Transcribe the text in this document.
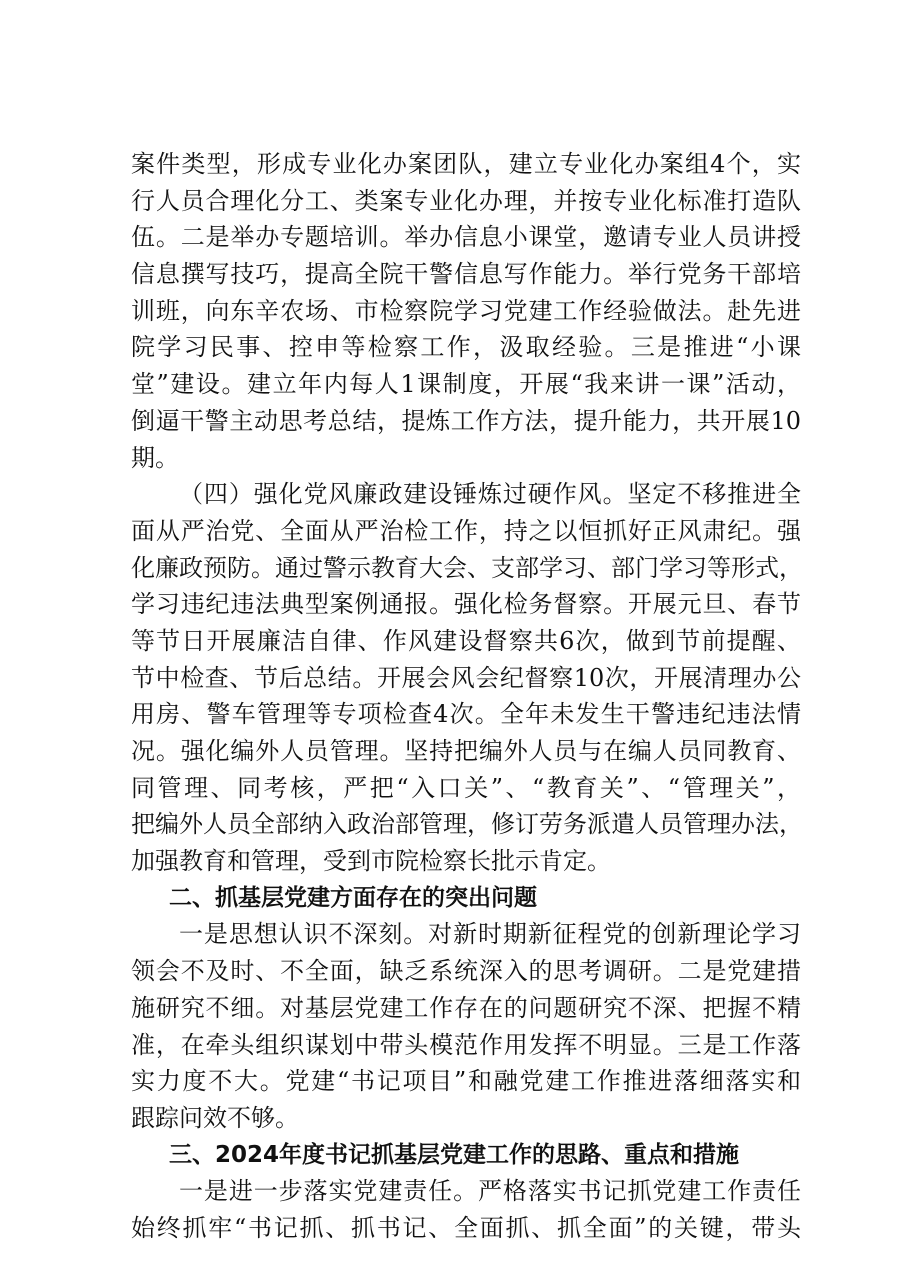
案件类型，形成专业化办案团队，建立专业化办案组4个，实
行人员合理化分工、类案专业化办理，并按专业化标准打造队
伍。二是举办专题培训。举办信息小课堂，邀请专业人员讲授
信息撰写技巧，提高全院干警信息写作能力。举行党务干部培
训班，向东辛农场、市检察院学习党建工作经验做法。赴先进
院学习民事、控申等检察工作，汲取经验。三是推进“小课
堂”建设。建立年内每人1课制度，开展“我来讲一课”活动，
倒逼干警主动思考总结，提炼工作方法，提升能力，共开展10
期。
（四）强化党风廉政建设锤炼过硬作风。坚定不移推进全
面从严治党、全面从严治检工作，持之以恒抓好正风肃纪。强
化廉政预防。通过警示教育大会、支部学习、部门学习等形式，
学习违纪违法典型案例通报。强化检务督察。开展元旦、春节
等节日开展廉洁自律、作风建设督察共6次，做到节前提醒、
节中检查、节后总结。开展会风会纪督察10次，开展清理办公
用房、警车管理等专项检查4次。全年未发生干警违纪违法情
况。强化编外人员管理。坚持把编外人员与在编人员同教育、
同管理、同考核，严把“入口关”、“教育关”、“管理关”，
把编外人员全部纳入政治部管理，修订劳务派遣人员管理办法，
加强教育和管理，受到市院检察长批示肯定。
二、抓基层党建方面存在的突出问题
一是思想认识不深刻。对新时期新征程党的创新理论学习
领会不及时、不全面，缺乏系统深入的思考调研。二是党建措
施研究不细。对基层党建工作存在的问题研究不深、把握不精
准，在牵头组织谋划中带头模范作用发挥不明显。三是工作落
实力度不大。党建“书记项目”和融党建工作推进落细落实和
跟踪问效不够。
三、2024年度书记抓基层党建工作的思路、重点和措施
一是进一步落实党建责任。严格落实书记抓党建工作责任
始终抓牢“书记抓、抓书记、全面抓、抓全面”的关键，带头
